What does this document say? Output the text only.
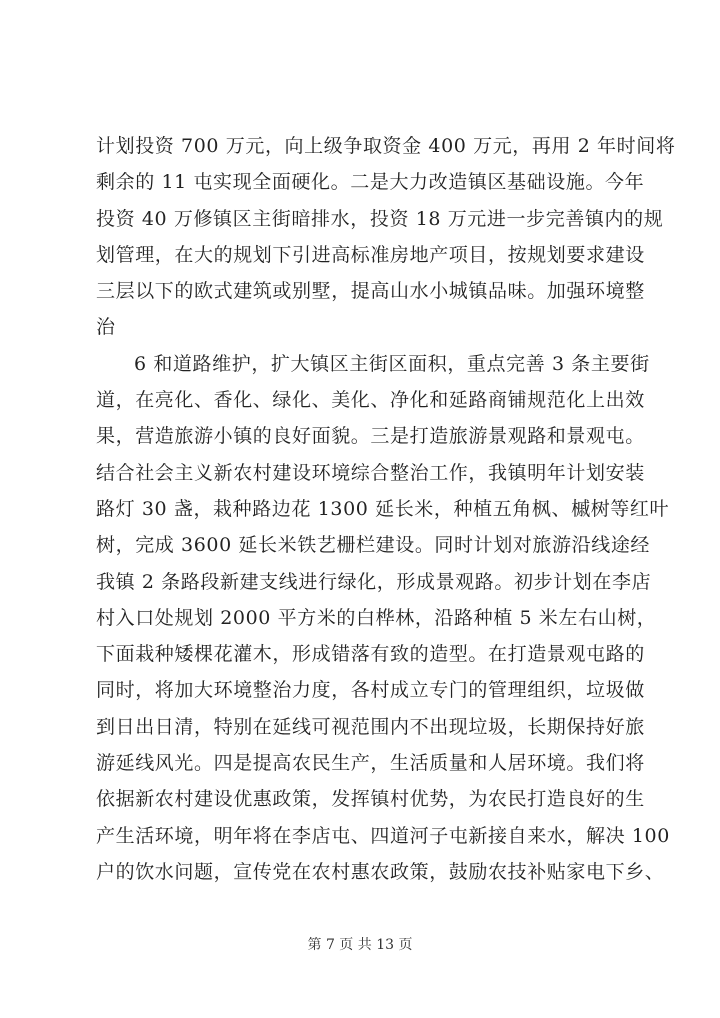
计划投资 700 万元，向上级争取资金 400 万元，再用 2 年时间将
剩余的 11 屯实现全面硬化。二是大力改造镇区基础设施。今年
投资 40 万修镇区主街暗排水，投资 18 万元进一步完善镇内的规
划管理，在大的规划下引进高标准房地产项目，按规划要求建设
三层以下的欧式建筑或别墅，提高山水小城镇品味。加强环境整
治
6 和道路维护，扩大镇区主街区面积，重点完善 3 条主要街
道，在亮化、香化、绿化、美化、净化和延路商铺规范化上出效
果，营造旅游小镇的良好面貌。三是打造旅游景观路和景观屯。
结合社会主义新农村建设环境综合整治工作，我镇明年计划安装
路灯 30 盏，栽种路边花 1300 延长米，种植五角枫、槭树等红叶
树，完成 3600 延长米铁艺栅栏建设。同时计划对旅游沿线途经
我镇 2 条路段新建支线进行绿化，形成景观路。初步计划在李店
村入口处规划 2000 平方米的白桦林，沿路种植 5 米左右山树，
下面栽种矮棵花灌木，形成错落有致的造型。在打造景观屯路的
同时，将加大环境整治力度，各村成立专门的管理组织，垃圾做
到日出日清，特别在延线可视范围内不出现垃圾，长期保持好旅
游延线风光。四是提高农民生产，生活质量和人居环境。我们将
依据新农村建设优惠政策，发挥镇村优势，为农民打造良好的生
产生活环境，明年将在李店屯、四道河子屯新接自来水，解决 100
户的饮水问题，宣传党在农村惠农政策，鼓励农技补贴家电下乡、
第 7 页 共 13 页
